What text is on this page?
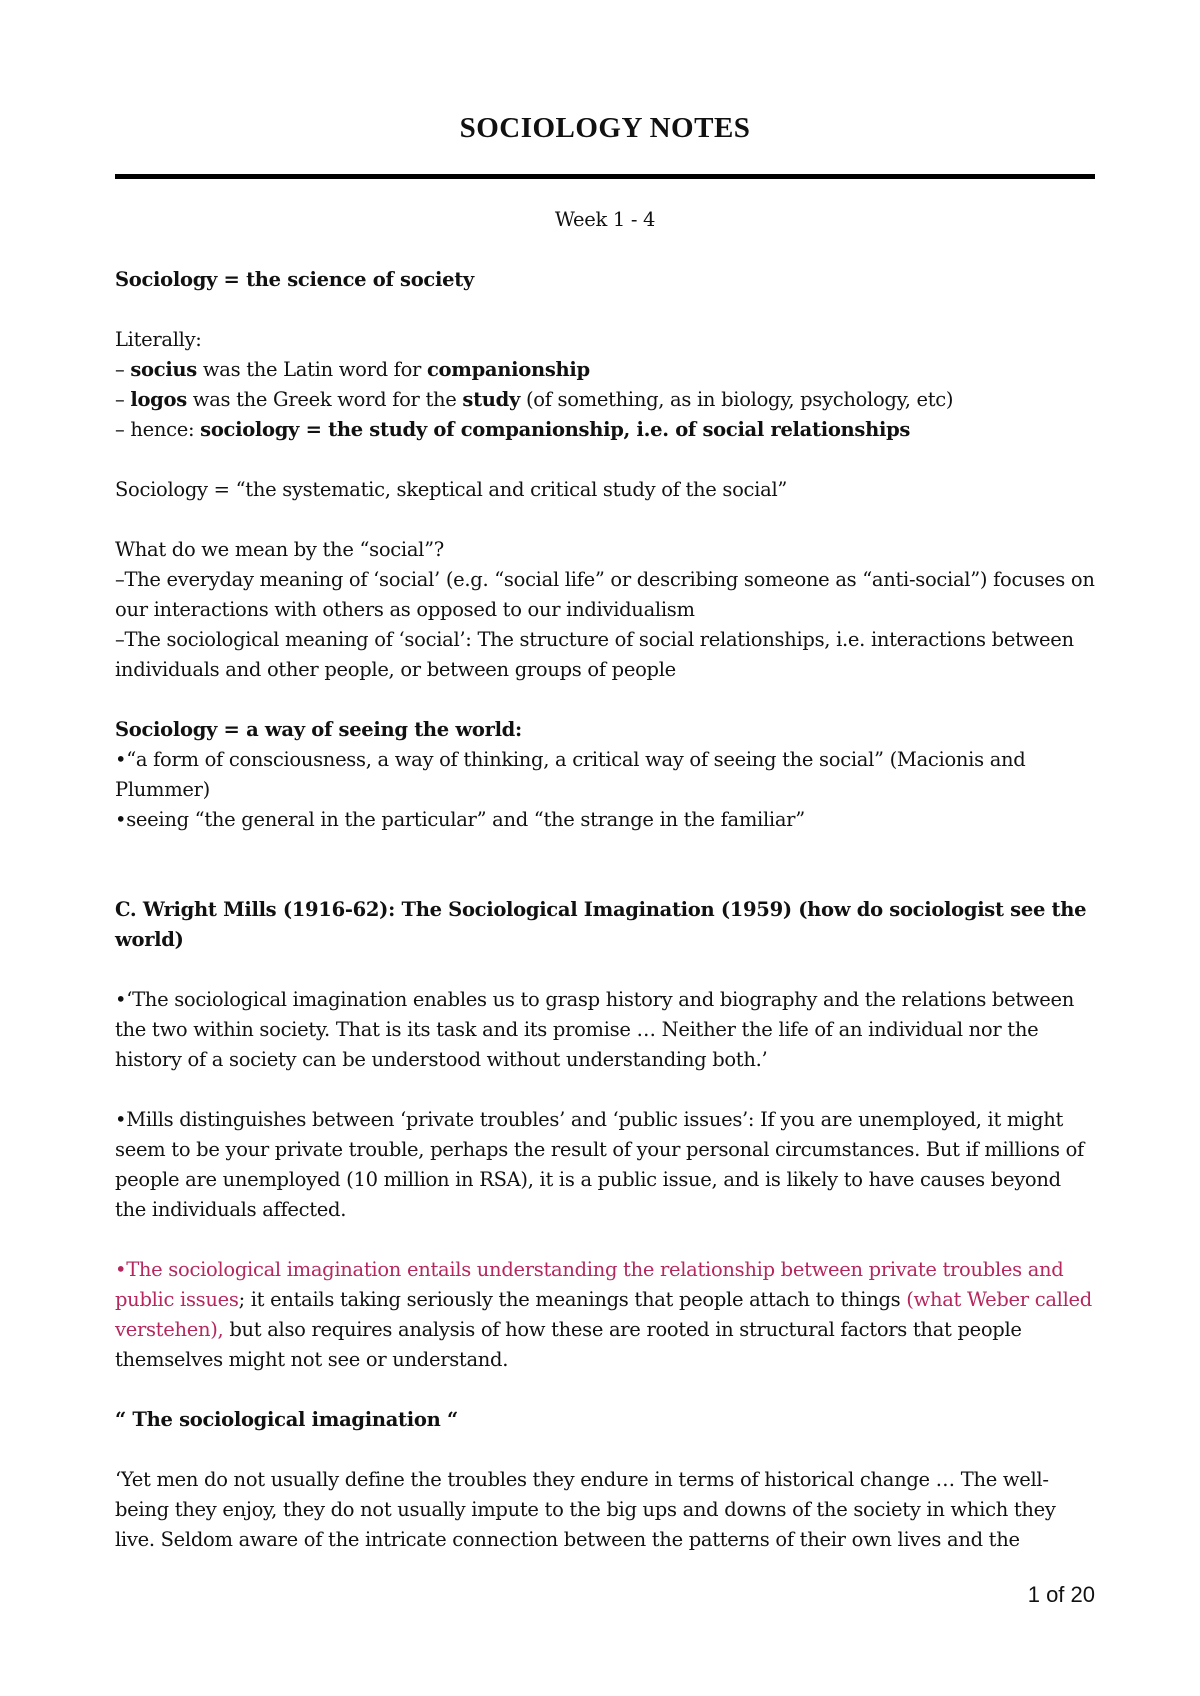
SOCIOLOGY NOTES

Week 1 - 4

Sociology = the science of society

Literally:

– socius was the Latin word for companionship

– logos was the Greek word for the study (of something, as in biology, psychology, etc)

– hence: sociology = the study of companionship, i.e. of social relationships

Sociology = “the systematic, skeptical and critical study of the social”

What do we mean by the “social”?

–The everyday meaning of ‘social’ (e.g. “social life” or describing someone as “anti-social”) focuses on our interactions with others as opposed to our individualism

–The sociological meaning of ‘social’: The structure of social relationships, i.e. interactions between individuals and other people, or between groups of people

Sociology = a way of seeing the world:

•“a form of consciousness, a way of thinking, a critical way of seeing the social” (Macionis and Plummer)

•seeing “the general in the particular” and “the strange in the familiar”

C. Wright Mills (1916-62): The Sociological Imagination (1959) (how do sociologist see the world)

•‘The sociological imagination enables us to grasp history and biography and the relations between the two within society. That is its task and its promise … Neither the life of an individual nor the history of a society can be understood without understanding both.’

•Mills distinguishes between ‘private troubles’ and ‘public issues’: If you are unemployed, it might seem to be your private trouble, perhaps the result of your personal circumstances. But if millions of people are unemployed (10 million in RSA), it is a public issue, and is likely to have causes beyond the individuals affected.

•The sociological imagination entails understanding the relationship between private troubles and public issues; it entails taking seriously the meanings that people attach to things (what Weber called verstehen), but also requires analysis of how these are rooted in structural factors that people themselves might not see or understand.

“ The sociological imagination “

‘Yet men do not usually define the troubles they endure in terms of historical change … The well-being they enjoy, they do not usually impute to the big ups and downs of the society in which they live. Seldom aware of the intricate connection between the patterns of their own lives and the

1 of 20
